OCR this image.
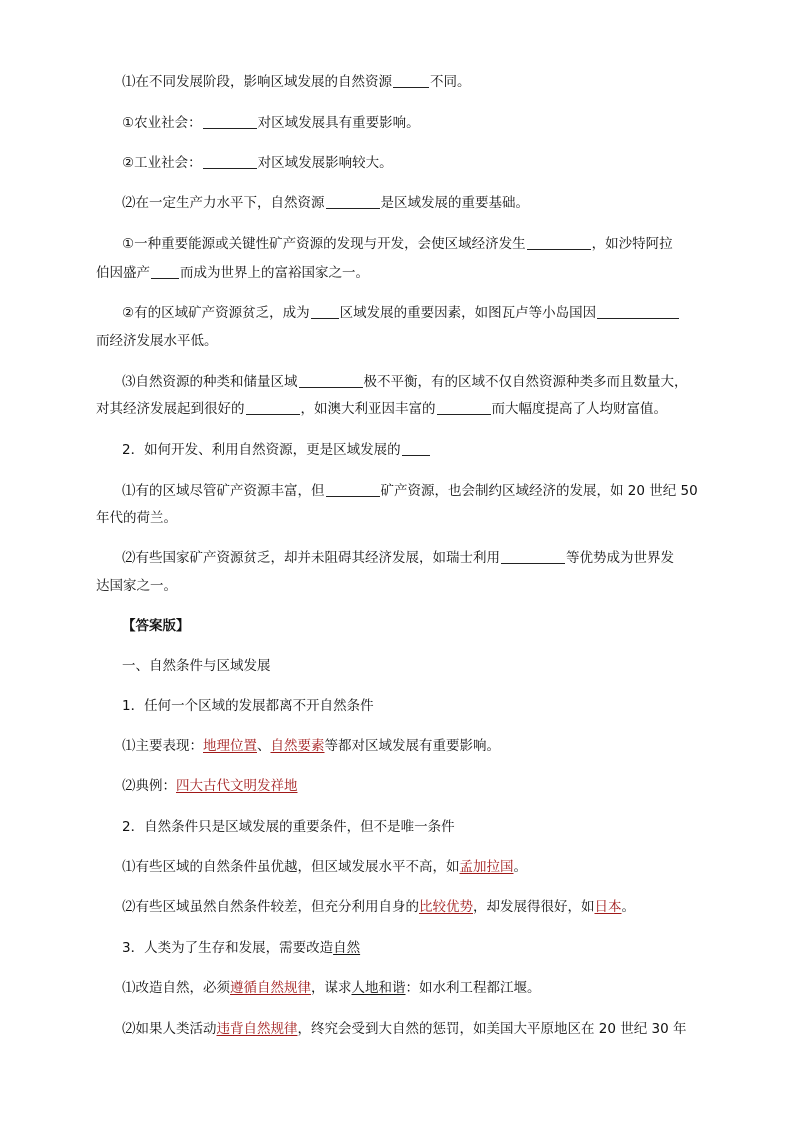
⑴在不同发展阶段，影响区域发展的自然资源	不同。
①农业社会：	对区域发展具有重要影响。
②工业社会：	对区域发展影响较大。
⑵在一定生产力水平下，自然资源	是区域发展的重要基础。
①一种重要能源或关键性矿产资源的发现与开发，会使区域经济发生	，如沙特阿拉
伯因盛产 而成为世界上的富裕国家之一。
②有的区域矿产资源贫乏，成为 区域发展的重要因素，如图瓦卢等小岛国因
而经济发展水平低。
⑶自然资源的种类和储量区域	极不平衡，有的区域不仅自然资源种类多而且数量大，
对其经济发展起到很好的	，如澳大利亚因丰富的	而大幅度提高了人均财富值。
2．如何开发、利用自然资源，更是区域发展的
⑴有的区域尽管矿产资源丰富，但	矿产资源，也会制约区域经济的发展，如 20 世纪 50
年代的荷兰。
⑵有些国家矿产资源贫乏，却并未阻碍其经济发展，如瑞士利用	等优势成为世界发
达国家之一。
【答案版】
一、自然条件与区域发展
1．任何一个区域的发展都离不开自然条件
⑴主要表现：地理位置、自然要素等都对区域发展有重要影响。
⑵典例：四大古代文明发祥地
2．自然条件只是区域发展的重要条件，但不是唯一条件
⑴有些区域的自然条件虽优越，但区域发展水平不高，如孟加拉国。
⑵有些区域虽然自然条件较差，但充分利用自身的比较优势，却发展得很好，如日本。
3．人类为了生存和发展，需要改造自然
⑴改造自然，必须遵循自然规律，谋求人地和谐：如水利工程都江堰。
⑵如果人类活动违背自然规律，终究会受到大自然的惩罚，如美国大平原地区在 20 世纪 30 年
